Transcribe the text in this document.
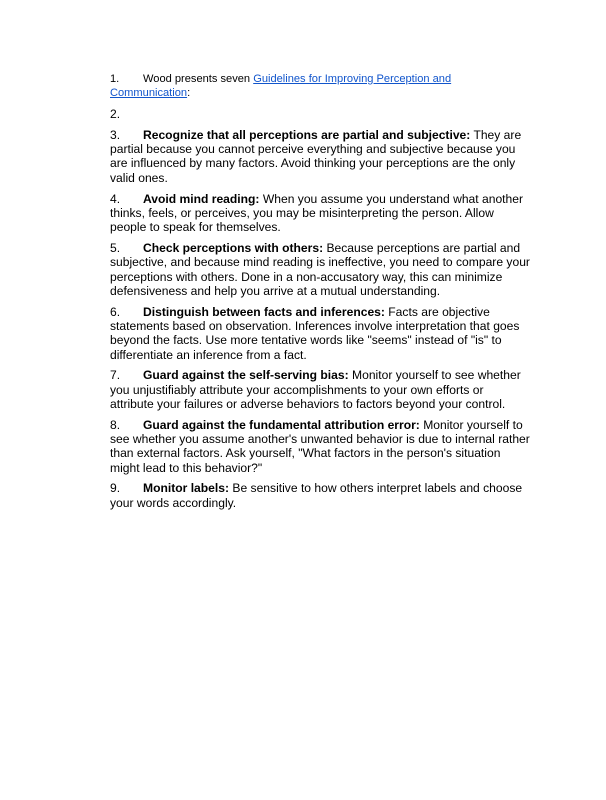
1. Wood presents seven Guidelines for Improving Perception and Communication:

2.

3. Recognize that all perceptions are partial and subjective: They are partial because you cannot perceive everything and subjective because you are influenced by many factors. Avoid thinking your perceptions are the only valid ones.

4. Avoid mind reading: When you assume you understand what another thinks, feels, or perceives, you may be misinterpreting the person. Allow people to speak for themselves.

5. Check perceptions with others: Because perceptions are partial and subjective, and because mind reading is ineffective, you need to compare your perceptions with others. Done in a non-accusatory way, this can minimize defensiveness and help you arrive at a mutual understanding.

6. Distinguish between facts and inferences: Facts are objective statements based on observation. Inferences involve interpretation that goes beyond the facts. Use more tentative words like "seems" instead of "is" to differentiate an inference from a fact.

7. Guard against the self-serving bias: Monitor yourself to see whether you unjustifiably attribute your accomplishments to your own efforts or attribute your failures or adverse behaviors to factors beyond your control.

8. Guard against the fundamental attribution error: Monitor yourself to see whether you assume another's unwanted behavior is due to internal rather than external factors. Ask yourself, "What factors in the person's situation might lead to this behavior?"

9. Monitor labels: Be sensitive to how others interpret labels and choose your words accordingly.
